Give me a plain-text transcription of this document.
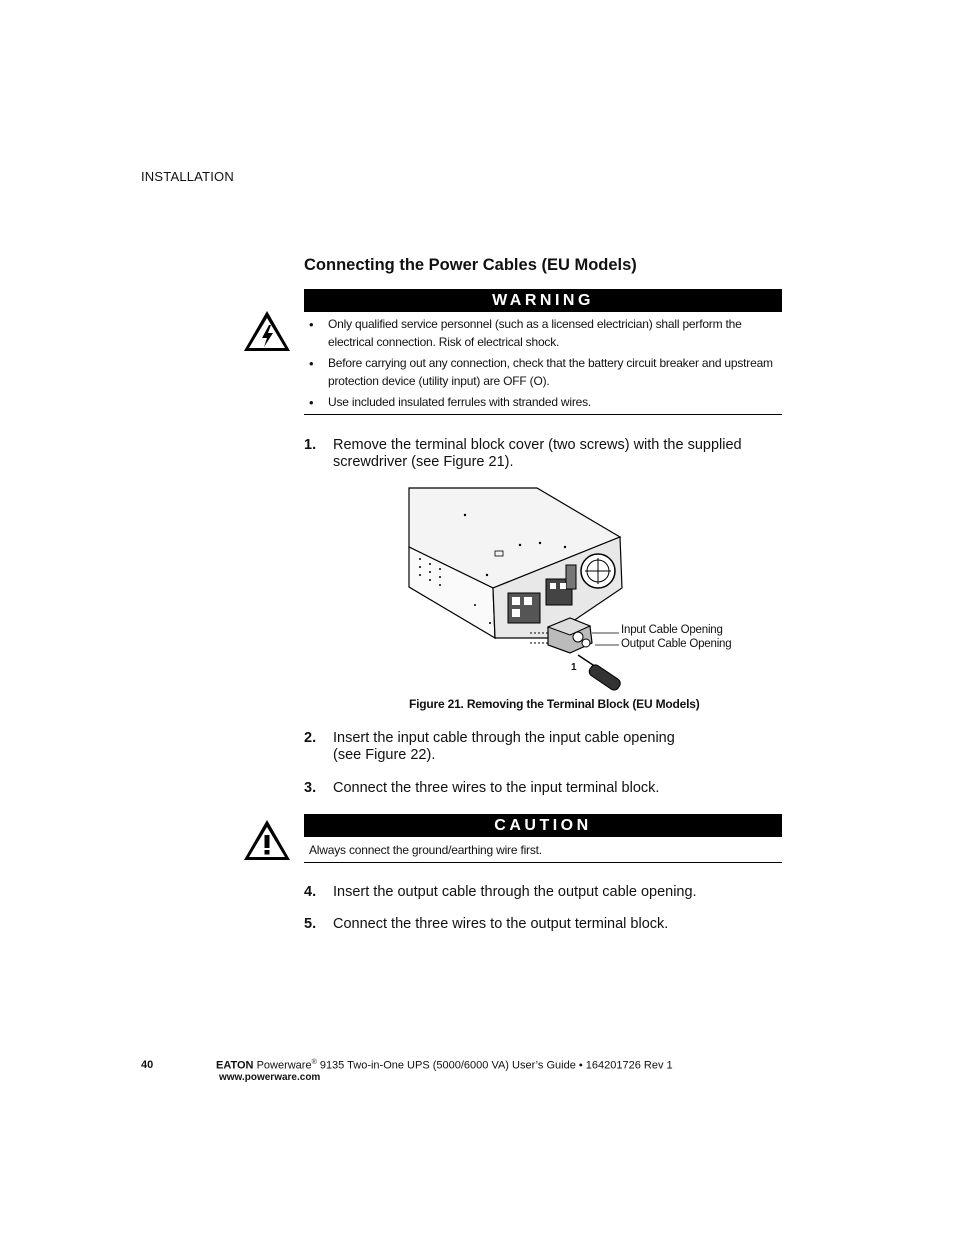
INSTALLATION
Connecting the Power Cables (EU Models)
WARNING
• Only qualified service personnel (such as a licensed electrician) shall perform the electrical connection. Risk of electrical shock.
• Before carrying out any connection, check that the battery circuit breaker and upstream protection device (utility input) are OFF (O).
• Use included insulated ferrules with stranded wires.
1. Remove the terminal block cover (two screws) with the supplied screwdriver (see Figure 21).
Input Cable Opening
Output Cable Opening
1
Figure 21. Removing the Terminal Block (EU Models)
2. Insert the input cable through the input cable opening (see Figure 22).
3. Connect the three wires to the input terminal block.
CAUTION
Always connect the ground/earthing wire first.
4. Insert the output cable through the output cable opening.
5. Connect the three wires to the output terminal block.
40	EATON Powerware® 9135 Two-in-One UPS (5000/6000 VA) User’s Guide • 164201726 Rev 1
www.powerware.com
